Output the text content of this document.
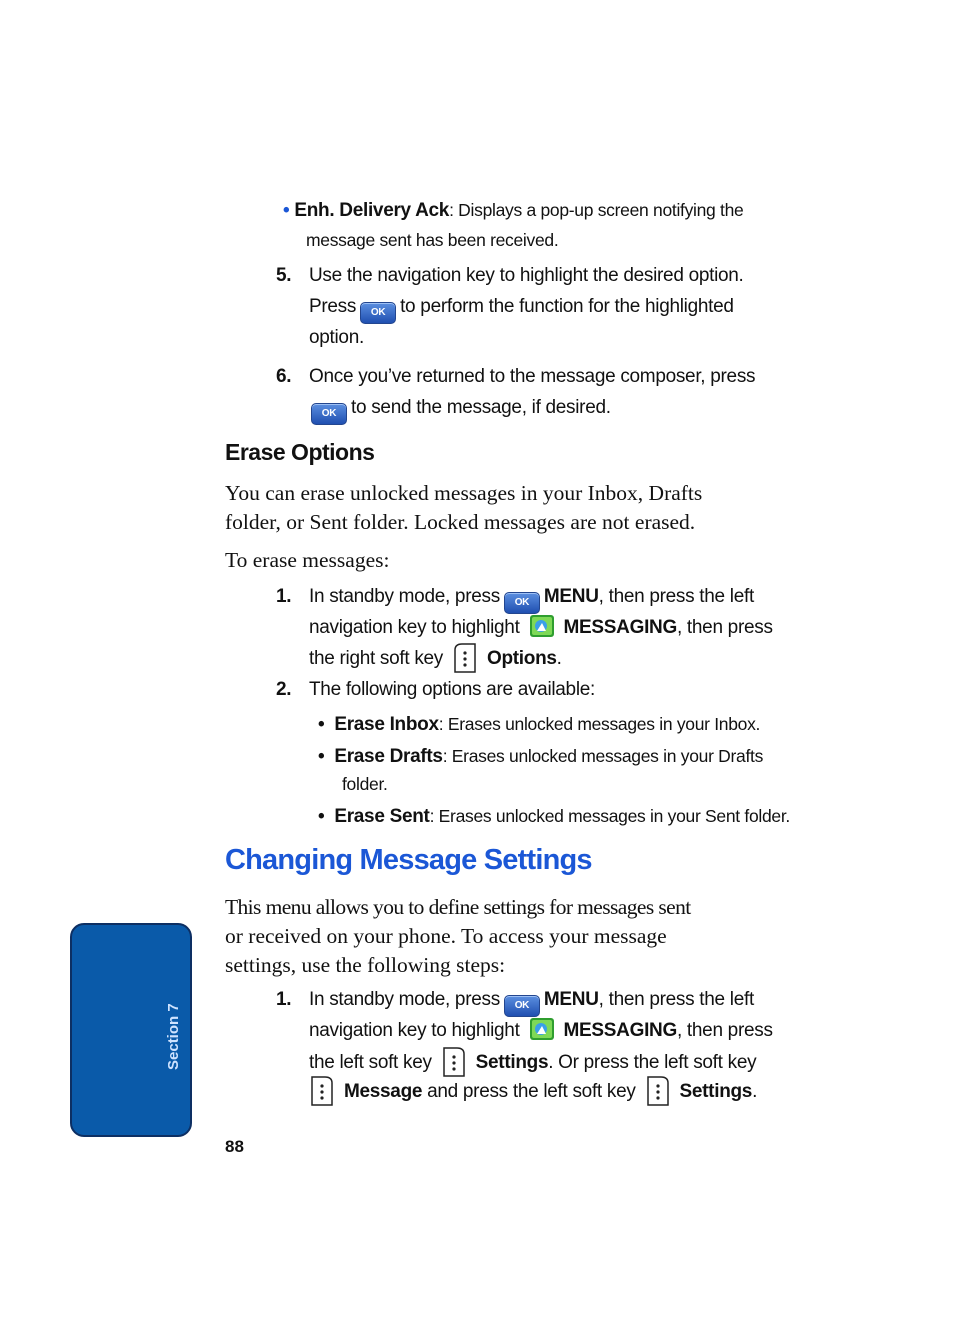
• Enh. Delivery Ack: Displays a pop-up screen notifying the
message sent has been received.
5. Use the navigation key to highlight the desired option.
Press OK to perform the function for the highlighted
option.
6. Once you’ve returned to the message composer, press
OK to send the message, if desired.
Erase Options
You can erase unlocked messages in your Inbox, Drafts
folder, or Sent folder. Locked messages are not erased.
To erase messages:
1. In standby mode, press OK MENU, then press the left
navigation key to highlight MESSAGING, then press
the right soft key Options.
2. The following options are available:
• Erase Inbox: Erases unlocked messages in your Inbox.
• Erase Drafts: Erases unlocked messages in your Drafts
folder.
• Erase Sent: Erases unlocked messages in your Sent folder.
Changing Message Settings
This menu allows you to define settings for messages sent
or received on your phone. To access your message
settings, use the following steps:
1. In standby mode, press OK MENU, then press the left
navigation key to highlight MESSAGING, then press
the left soft key Settings. Or press the left soft key
Message and press the left soft key Settings.
Section 7
88
